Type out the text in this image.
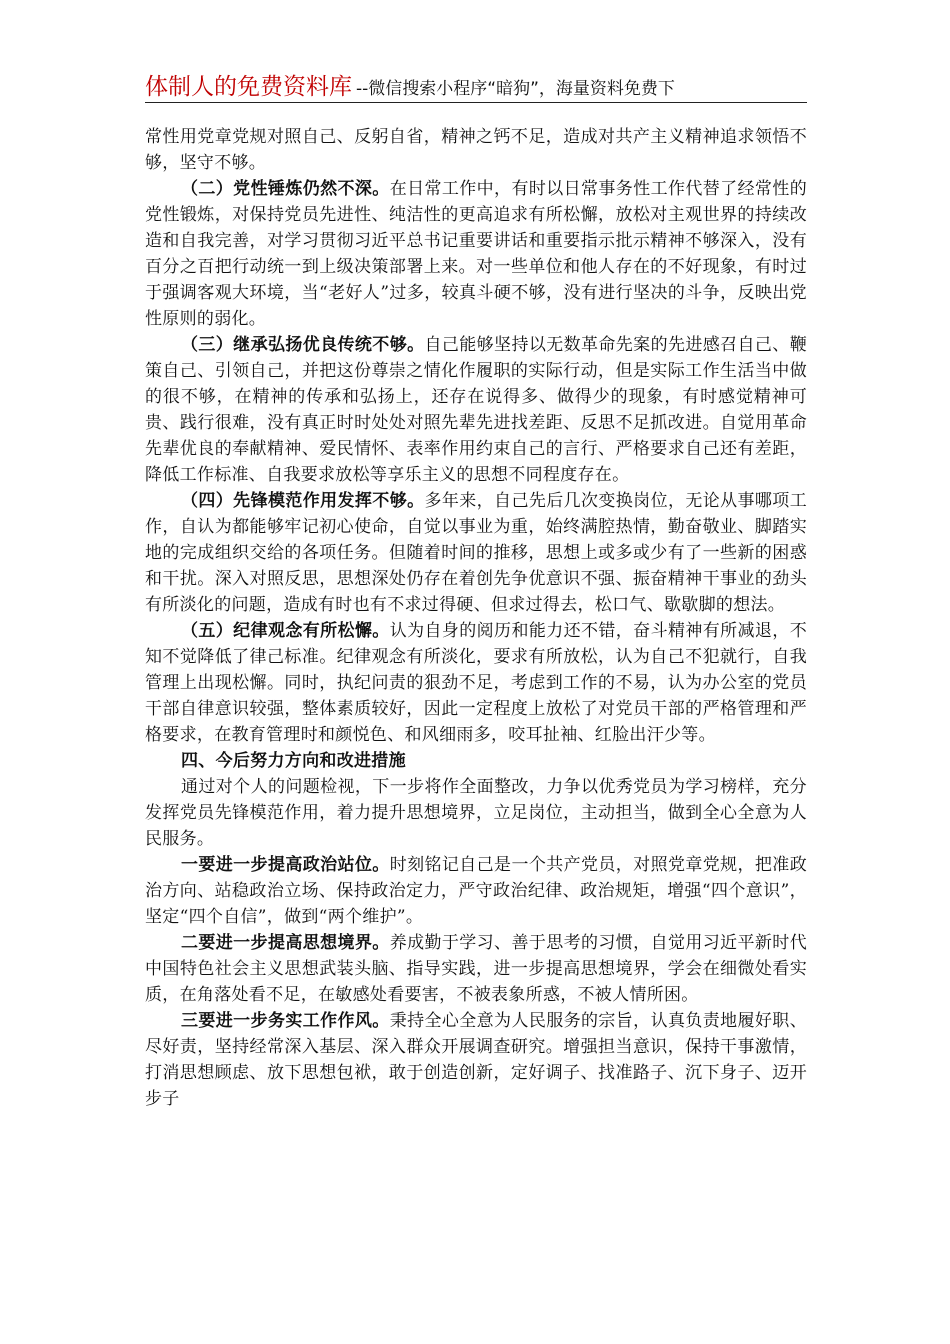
体制人的免费资料库 --微信搜索小程序“暗狗”，海量资料免费下

常性用党章党规对照自己、反躬自省，精神之钙不足，造成对共产主义精神追求领悟不够，坚守不够。

（二）党性锤炼仍然不深。在日常工作中，有时以日常事务性工作代替了经常性的党性锻炼，对保持党员先进性、纯洁性的更高追求有所松懈，放松对主观世界的持续改造和自我完善，对学习贯彻习近平总书记重要讲话和重要指示批示精神不够深入，没有百分之百把行动统一到上级决策部署上来。对一些单位和他人存在的不好现象，有时过于强调客观大环境，当“老好人”过多，较真斗硬不够，没有进行坚决的斗争，反映出党性原则的弱化。

（三）继承弘扬优良传统不够。自己能够坚持以无数革命先案的先进感召自己、鞭策自己、引领自己，并把这份尊崇之情化作履职的实际行动，但是实际工作生活当中做的很不够，在精神的传承和弘扬上，还存在说得多、做得少的现象，有时感觉精神可贵、践行很难，没有真正时时处处对照先辈先进找差距、反思不足抓改进。自觉用革命先辈优良的奉献精神、爱民情怀、表率作用约束自己的言行、严格要求自己还有差距，降低工作标准、自我要求放松等享乐主义的思想不同程度存在。

（四）先锋模范作用发挥不够。多年来，自己先后几次变换岗位，无论从事哪项工作，自认为都能够牢记初心使命，自觉以事业为重，始终满腔热情，勤奋敬业、脚踏实地的完成组织交给的各项任务。但随着时间的推移，思想上或多或少有了一些新的困惑和干扰。深入对照反思，思想深处仍存在着创先争优意识不强、振奋精神干事业的劲头有所淡化的问题，造成有时也有不求过得硬、但求过得去，松口气、歇歇脚的想法。

（五）纪律观念有所松懈。认为自身的阅历和能力还不错，奋斗精神有所减退，不知不觉降低了律己标准。纪律观念有所淡化，要求有所放松，认为自己不犯就行，自我管理上出现松懈。同时，执纪问责的狠劲不足，考虑到工作的不易，认为办公室的党员干部自律意识较强，整体素质较好，因此一定程度上放松了对党员干部的严格管理和严格要求，在教育管理时和颜悦色、和风细雨多，咬耳扯袖、红脸出汗少等。

四、今后努力方向和改进措施

通过对个人的问题检视，下一步将作全面整改，力争以优秀党员为学习榜样，充分发挥党员先锋模范作用，着力提升思想境界，立足岗位，主动担当，做到全心全意为人民服务。

一要进一步提高政治站位。时刻铭记自己是一个共产党员，对照党章党规，把准政治方向、站稳政治立场、保持政治定力，严守政治纪律、政治规矩，增强“四个意识”，坚定“四个自信”，做到“两个维护”。

二要进一步提高思想境界。养成勤于学习、善于思考的习惯，自觉用习近平新时代中国特色社会主义思想武装头脑、指导实践，进一步提高思想境界，学会在细微处看实质，在角落处看不足，在敏感处看要害，不被表象所惑，不被人情所困。

三要进一步务实工作作风。秉持全心全意为人民服务的宗旨，认真负责地履好职、尽好责，坚持经常深入基层、深入群众开展调查研究。增强担当意识，保持干事激情，打消思想顾虑、放下思想包袱，敢于创造创新，定好调子、找准路子、沉下身子、迈开步子
